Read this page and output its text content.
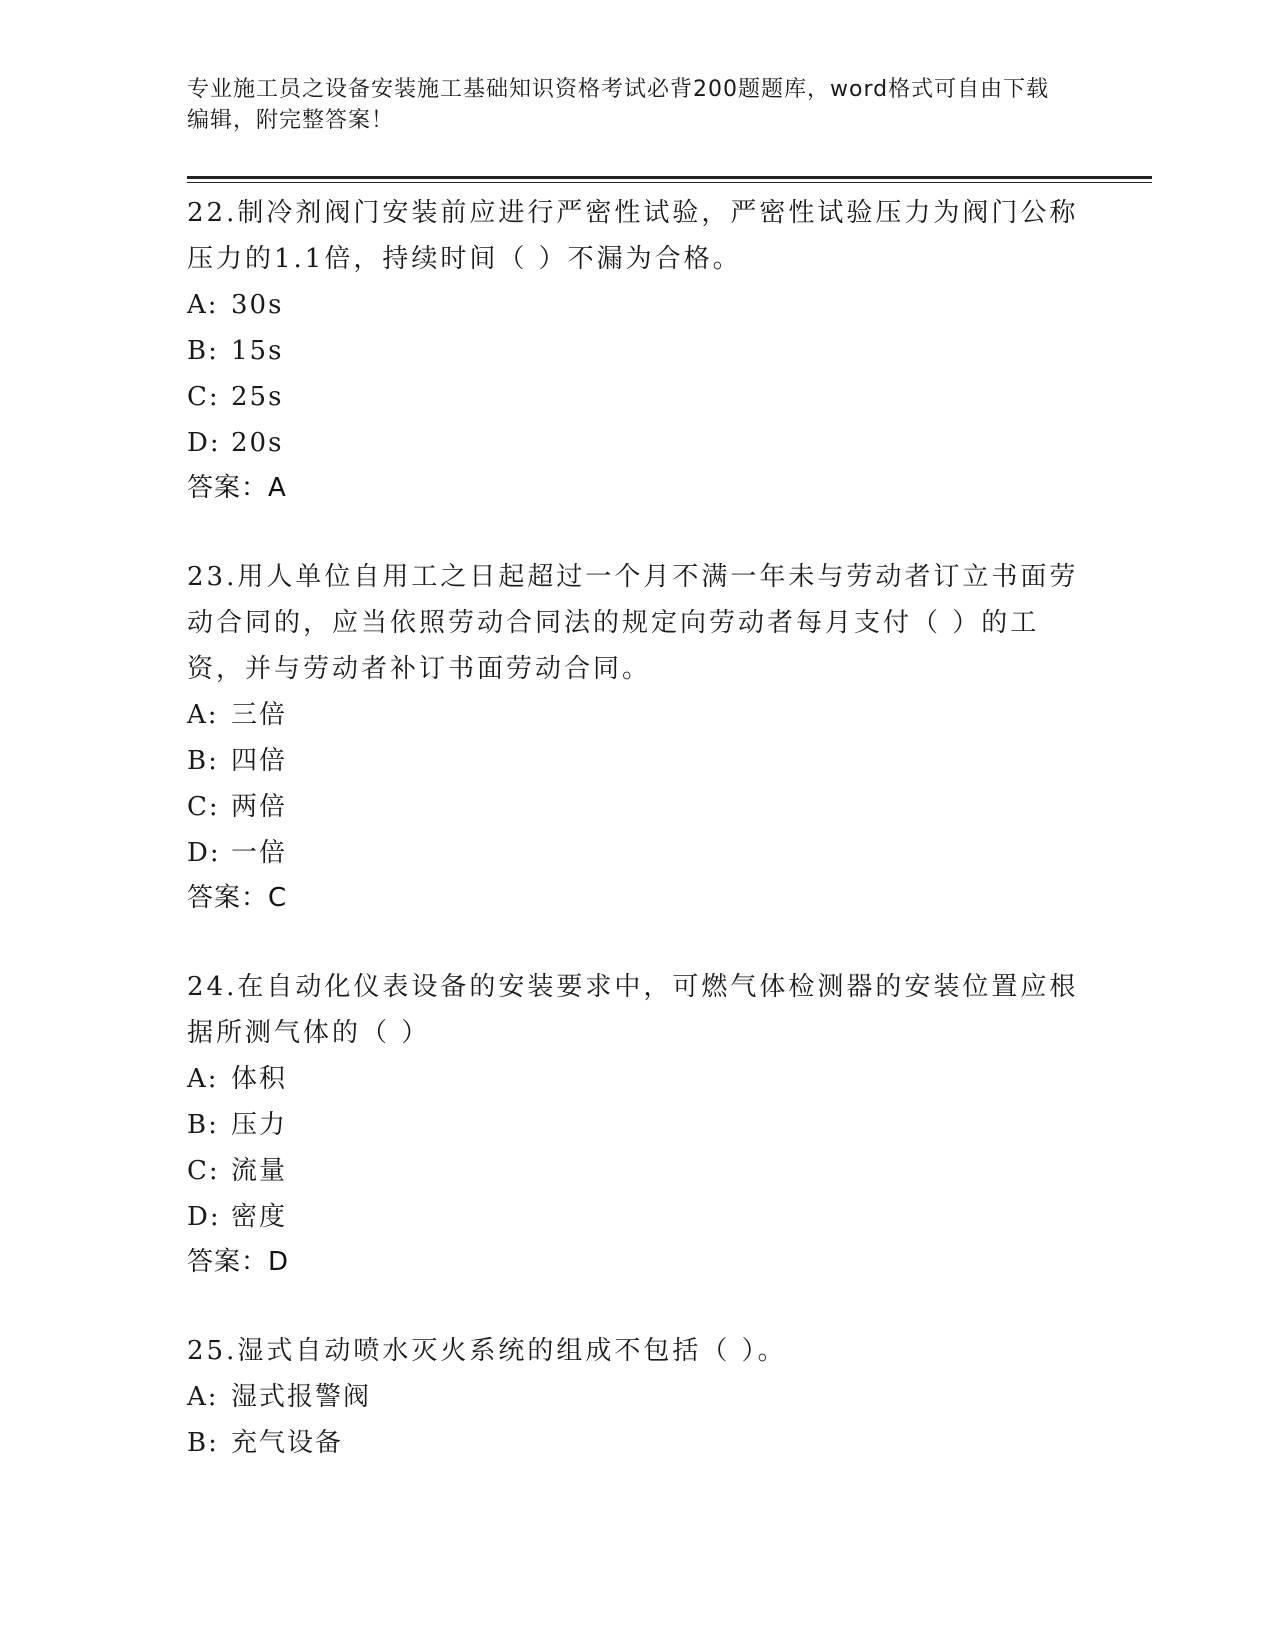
专业施工员之设备安装施工基础知识资格考试必背200题题库，word格式可自由下载编辑，附完整答案！
22.制冷剂阀门安装前应进行严密性试验，严密性试验压力为阀门公称压力的1.1倍，持续时间（ ）不漏为合格。
A: 30s
B: 15s
C: 25s
D: 20s
答案：A
23.用人单位自用工之日起超过一个月不满一年未与劳动者订立书面劳动合同的，应当依照劳动合同法的规定向劳动者每月支付（ ）的工资，并与劳动者补订书面劳动合同。
A: 三倍
B: 四倍
C: 两倍
D: 一倍
答案：C
24.在自动化仪表设备的安装要求中，可燃气体检测器的安装位置应根据所测气体的（ ）
A: 体积
B: 压力
C: 流量
D: 密度
答案：D
25.湿式自动喷水灭火系统的组成不包括（ ）。
A: 湿式报警阀
B: 充气设备
